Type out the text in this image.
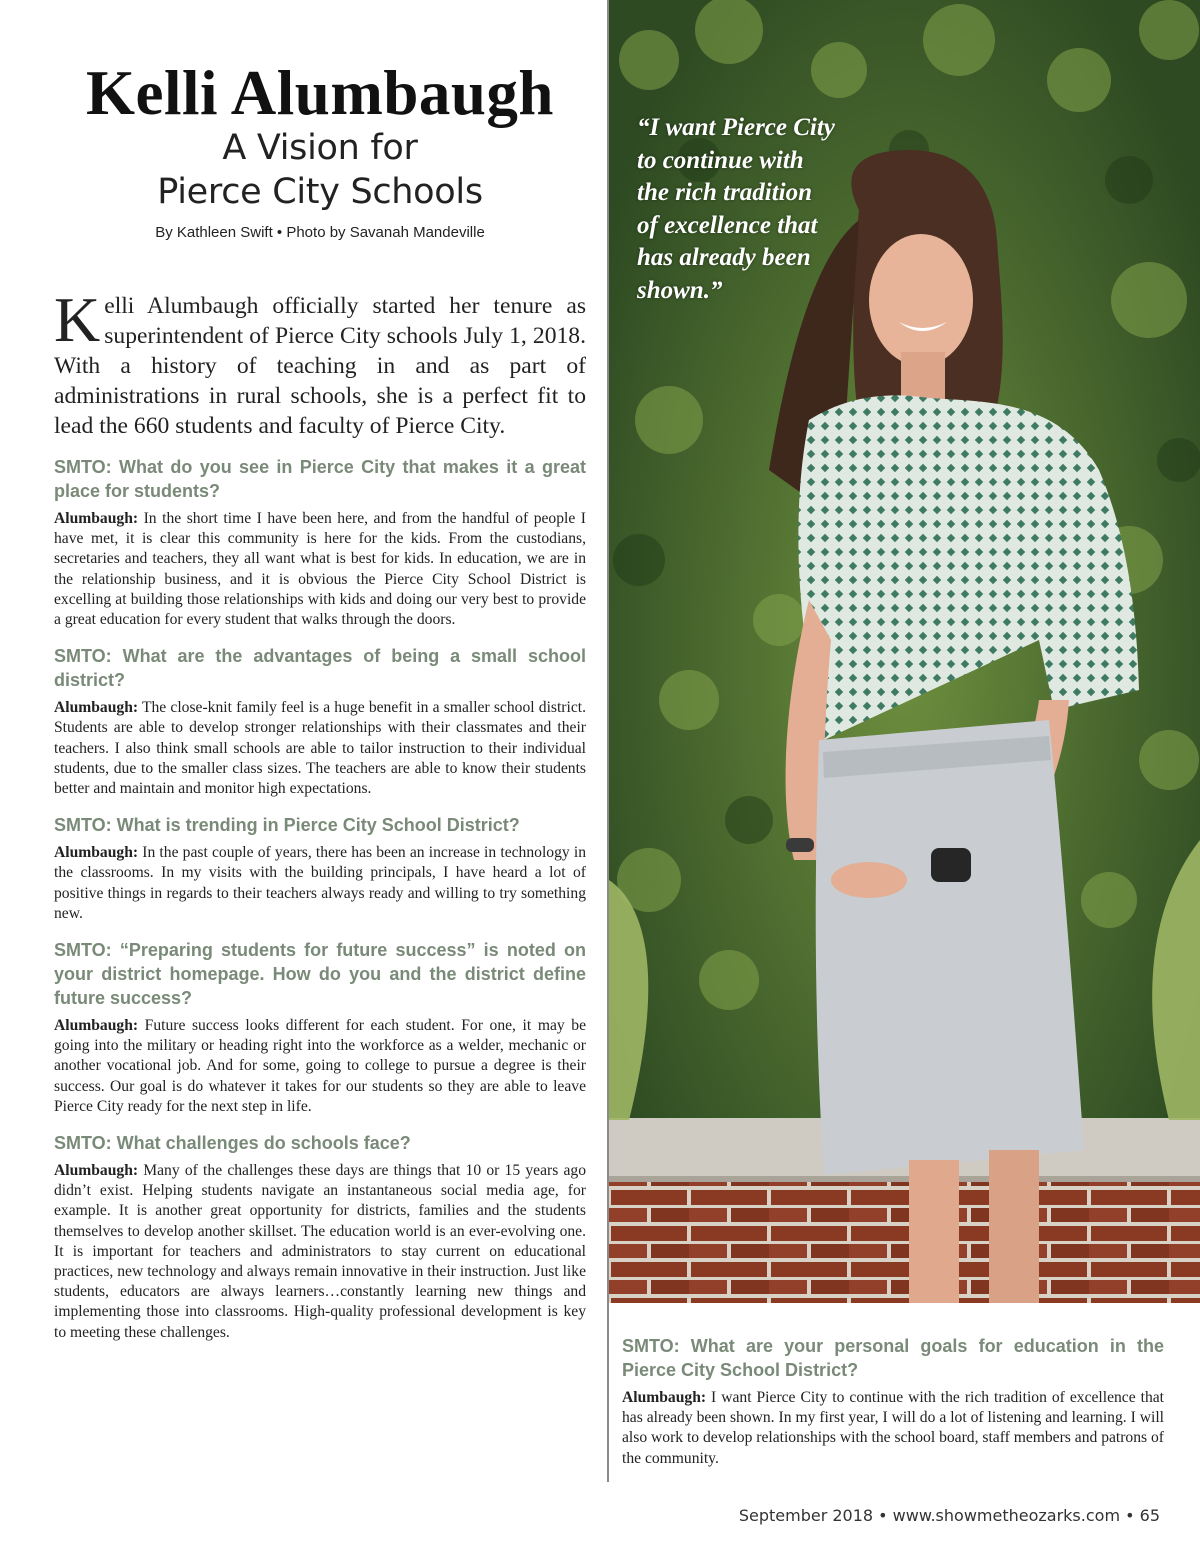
Kelli Alumbaugh
A Vision for
Pierce City Schools
By Kathleen Swift • Photo by Savanah Mandeville

Kelli Alumbaugh officially started her tenure as superintendent of Pierce City schools July 1, 2018. With a history of teaching in and as part of administrations in rural schools, she is a perfect fit to lead the 660 students and faculty of Pierce City.

SMTO: What do you see in Pierce City that makes it a great place for students?

Alumbaugh: In the short time I have been here, and from the handful of people I have met, it is clear this community is here for the kids. From the custodians, secretaries and teachers, they all want what is best for kids. In education, we are in the relationship business, and it is obvious the Pierce City School District is excelling at building those relationships with kids and doing our very best to provide a great education for every student that walks through the doors.

SMTO: What are the advantages of being a small school district?

Alumbaugh: The close-knit family feel is a huge benefit in a smaller school district. Students are able to develop stronger relationships with their classmates and their teachers. I also think small schools are able to tailor instruction to their individual students, due to the smaller class sizes. The teachers are able to know their students better and maintain and monitor high expectations.

SMTO: What is trending in Pierce City School District?

Alumbaugh: In the past couple of years, there has been an increase in technology in the classrooms. In my visits with the building principals, I have heard a lot of positive things in regards to their teachers always ready and willing to try something new.

SMTO: “Preparing students for future success” is noted on your district homepage. How do you and the district define future success?

Alumbaugh: Future success looks different for each student. For one, it may be going into the military or heading right into the workforce as a welder, mechanic or another vocational job. And for some, going to college to pursue a degree is their success. Our goal is do whatever it takes for our students so they are able to leave Pierce City ready for the next step in life.

SMTO: What challenges do schools face?

Alumbaugh: Many of the challenges these days are things that 10 or 15 years ago didn’t exist. Helping students navigate an instantaneous social media age, for example. It is another great opportunity for districts, families and the students themselves to develop another skillset. The education world is an ever-evolving one. It is important for teachers and administrators to stay current on educational practices, new technology and always remain innovative in their instruction. Just like students, educators are always learners…constantly learning new things and implementing those into classrooms. High-quality professional development is key to meeting these challenges.

“I want Pierce City to continue with the rich tradition of excellence that has already been shown.”
SMTO: What are your personal goals for education in the Pierce City School District?

Alumbaugh: I want Pierce City to continue with the rich tradition of excellence that has already been shown. In my first year, I will do a lot of listening and learning. I will also work to develop relationships with the school board, staff members and patrons of the community.

September 2018 • www.showmetheozarks.com • 65
